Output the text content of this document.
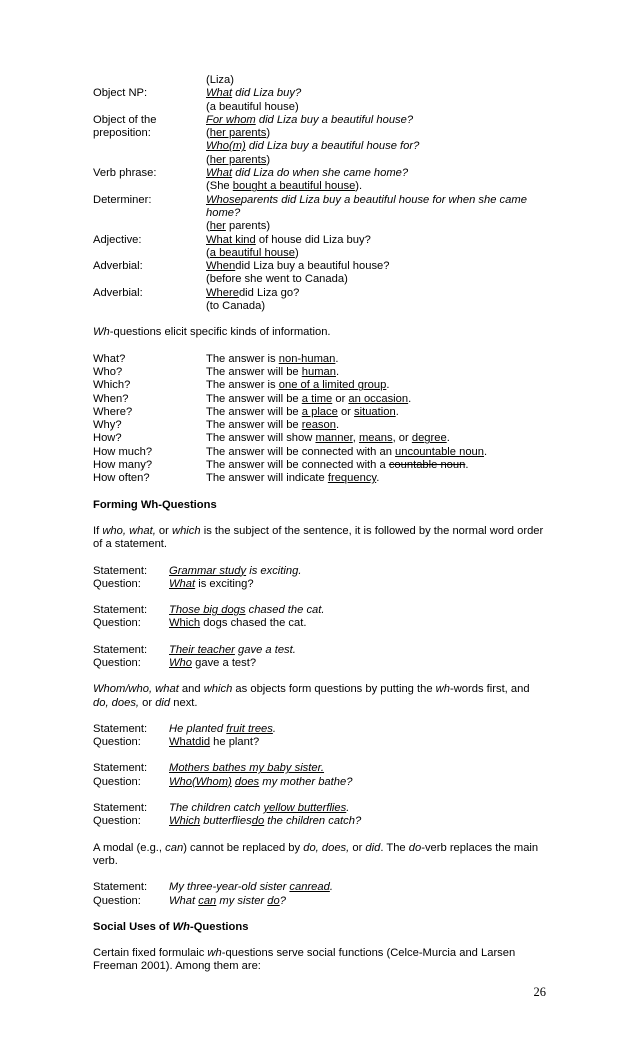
(Liza)
Object NP:	What did Liza buy?
(a beautiful house)
Object of the	For whom did Liza buy a beautiful house?
preposition:	(her parents)
Who(m) did Liza buy a beautiful house for?
(her parents)
Verb phrase:	What did Liza do when she came home?
(She bought a beautiful house).
Determiner:	Whoseparents did Liza buy a beautiful house for when she came
home?
(her parents)
Adjective:	What kind of house did Liza buy?
(a beautiful house)
Adverbial:	Whendid Liza buy a beautiful house?
(before she went to Canada)
Adverbial:	Wheredid Liza go?
(to Canada)

Wh-questions elicit specific kinds of information.

What?	The answer is non-human.
Who?	The answer will be human.
Which?	The answer is one of a limited group.
When?	The answer will be a time or an occasion.
Where?	The answer will be a place or situation.
Why?	The answer will be reason.
How?	The answer will show manner, means, or degree.
How much?	The answer will be connected with an uncountable noun.
How many?	The answer will be connected with a countable noun.
How often?	The answer will indicate frequency.

Forming Wh-Questions

If who, what, or which is the subject of the sentence, it is followed by the normal word order of a statement.

Statement:	Grammar study is exciting.
Question:	What is exciting?
Statement:	Those big dogs chased the cat.
Question:	Which dogs chased the cat.
Statement:	Their teacher gave a test.
Question:	Who gave a test?

Whom/who, what and which as objects form questions by putting the wh-words first, and do, does, or did next.

Statement:	He planted fruit trees.
Question:	Whatdid he plant?
Statement:	Mothers bathes my baby sister.
Question:	Who(Whom) does my mother bathe?
Statement:	The children catch yellow butterflies.
Question:	Which butterfliesdo the children catch?

A modal (e.g., can) cannot be replaced by do, does, or did. The do-verb replaces the main verb.

Statement:	My three-year-old sister canread.
Question:	What can my sister do?

Social Uses of Wh-Questions

Certain fixed formulaic wh-questions serve social functions (Celce-Murcia and Larsen Freeman 2001). Among them are:

26
